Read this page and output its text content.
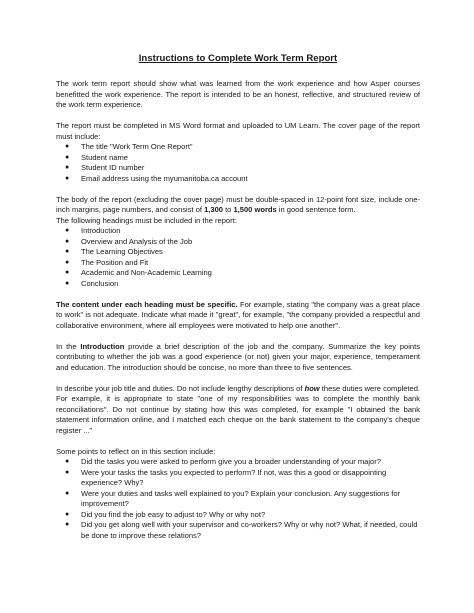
Instructions to Complete Work Term Report

The work term report should show what was learned from the work experience and how Asper courses benefitted the work experience. The report is intended to be an honest, reflective, and structured review of the work term experience.

The report must be completed in MS Word format and uploaded to UM Learn. The cover page of the report must include:

● The title "Work Term One Report"
● Student name
● Student ID number
● Email address using the myumanitoba.ca account

The body of the report (excluding the cover page) must be double-spaced in 12-point font size, include one-inch margins, page numbers, and consist of 1,300 to 1,500 words in good sentence form.

The following headings must be included in the report:

● Introduction
● Overview and Analysis of the Job
● The Learning Objectives
● The Position and Fit
● Academic and Non-Academic Learning
● Conclusion

The content under each heading must be specific. For example, stating "the company was a great place to work" is not adequate. Indicate what made it "great", for example, "the company provided a respectful and collaborative environment, where all employees were motivated to help one another".

In the Introduction provide a brief description of the job and the company. Summarize the key points contributing to whether the job was a good experience (or not) given your major, experience, temperament and education. The introduction should be concise, no more than three to five sentences.

In describe your job title and duties. Do not include lengthy descriptions of how these duties were completed. For example, it is appropriate to state "one of my responsibilities was to complete the monthly bank reconciliations". Do not continue by stating how this was completed, for example "I obtained the bank statement information online, and I matched each cheque on the bank statement to the company's cheque register ..."

Some points to reflect on in this section include:

● Did the tasks you were asked to perform give you a broader understanding of your major?
● Were your tasks the tasks you expected to perform? If not, was this a good or disappointing experience? Why?
● Were your duties and tasks well explained to you? Explain your conclusion. Any suggestions for improvement?
● Did you find the job easy to adjust to? Why or why not?
● Did you get along well with your supervisor and co-workers? Why or why not? What, if needed, could be done to improve these relations?
